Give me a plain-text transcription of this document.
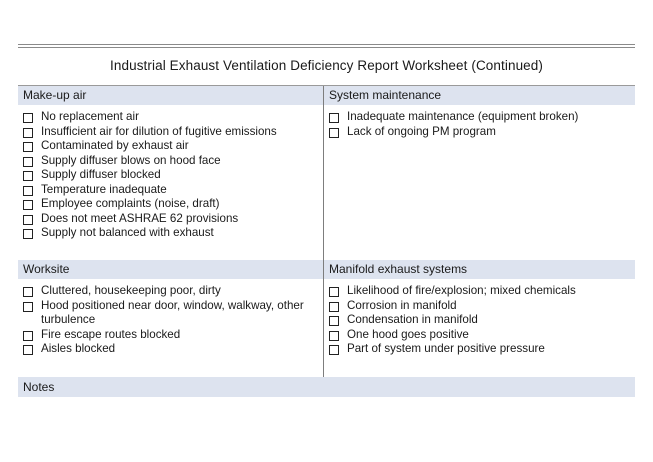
Industrial Exhaust Ventilation Deficiency Report Worksheet (Continued)
Make-up air
No replacement air
Insufficient air for dilution of fugitive emissions
Contaminated by exhaust air
Supply diffuser blows on hood face
Supply diffuser blocked
Temperature inadequate
Employee complaints (noise, draft)
Does not meet ASHRAE 62 provisions
Supply not balanced with exhaust
System maintenance
Inadequate maintenance (equipment broken)
Lack of ongoing PM program
Worksite
Cluttered, housekeeping poor, dirty
Hood positioned near door, window, walkway, other turbulence
Fire escape routes blocked
Aisles blocked
Manifold exhaust systems
Likelihood of fire/explosion; mixed chemicals
Corrosion in manifold
Condensation in manifold
One hood goes positive
Part of system under positive pressure
Notes
